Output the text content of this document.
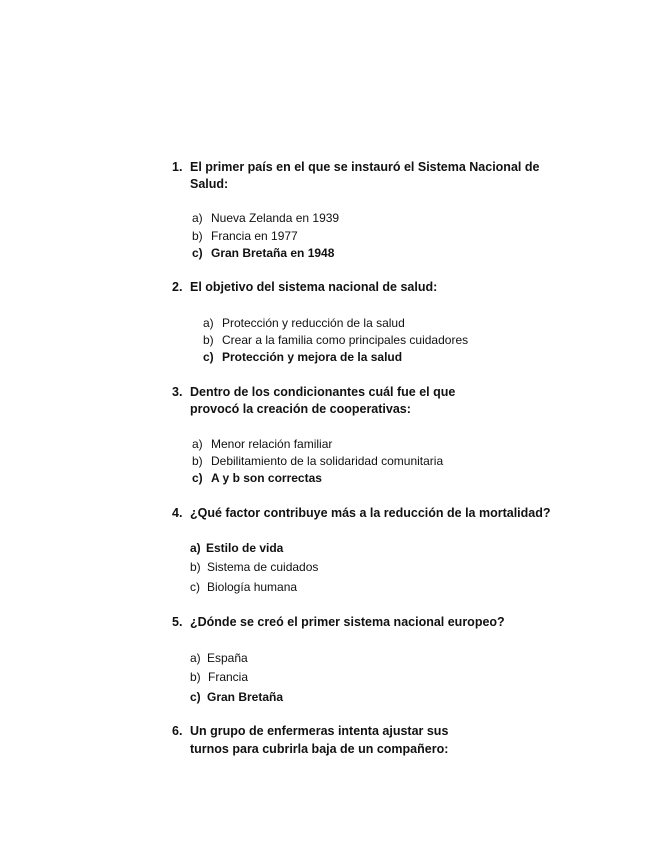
1. El primer país en el que se instauró el Sistema Nacional de Salud:
a) Nueva Zelanda en 1939
b) Francia en 1977
c) Gran Bretaña en 1948
2. El objetivo del sistema nacional de salud:
a) Protección y reducción de la salud
b) Crear a la familia como principales cuidadores
c) Protección y mejora de la salud
3. Dentro de los condicionantes cuál fue el que
provocó la creación de cooperativas:
a) Menor relación familiar
b) Debilitamiento de la solidaridad comunitaria
c) A y b son correctas
4. ¿Qué factor contribuye más a la reducción de la mortalidad?
a) Estilo de vida
b) Sistema de cuidados
c) Biología humana
5. ¿Dónde se creó el primer sistema nacional europeo?
a) España
b) Francia
c) Gran Bretaña
6. Un grupo de enfermeras intenta ajustar sus
turnos para cubrirla baja de un compañero:
